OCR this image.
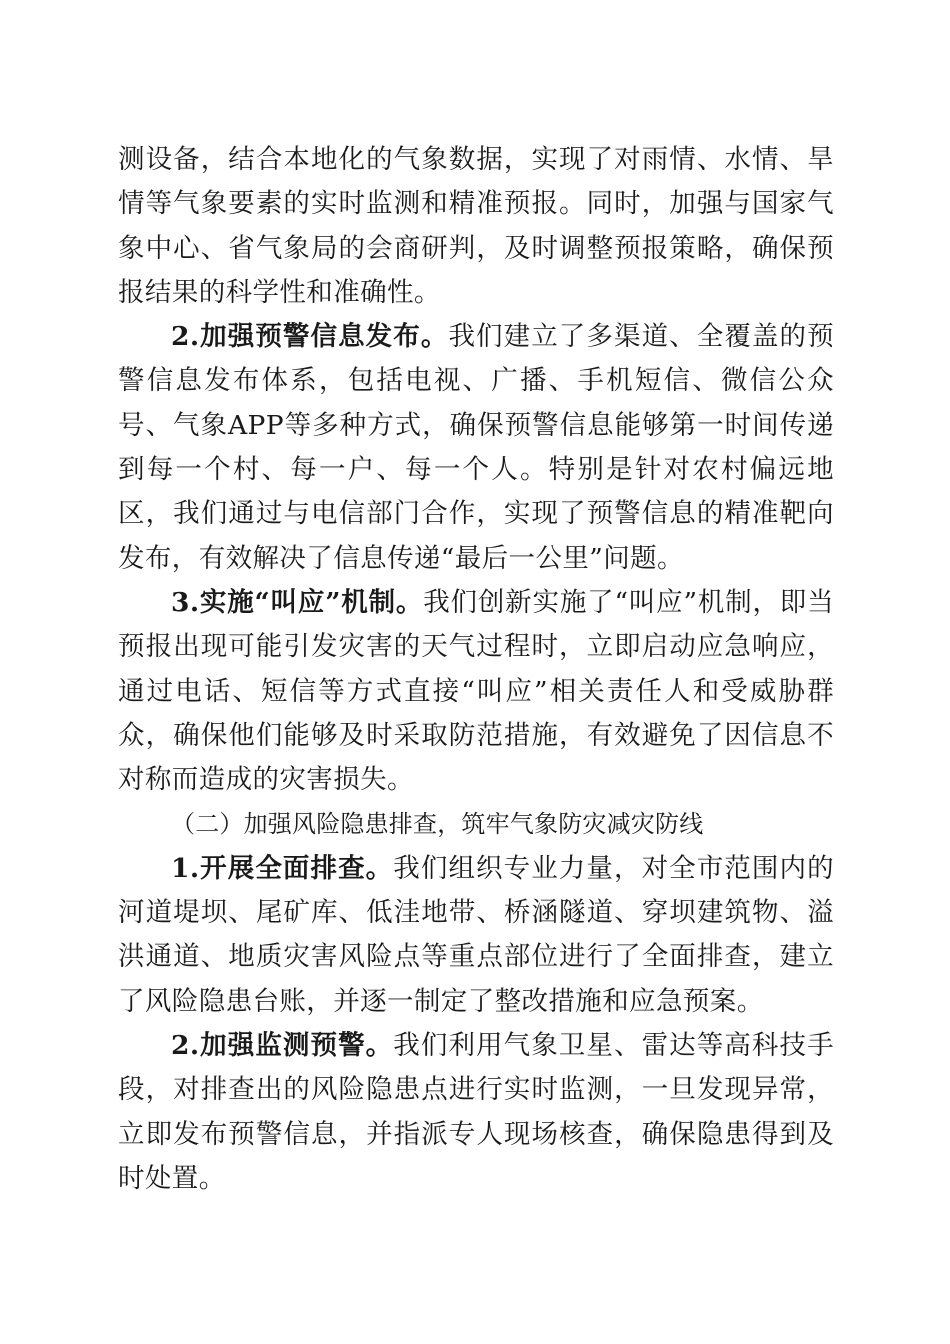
测设备，结合本地化的气象数据，实现了对雨情、水情、旱情等气象要素的实时监测和精准预报。同时，加强与国家气象中心、省气象局的会商研判，及时调整预报策略，确保预报结果的科学性和准确性。

2.加强预警信息发布。我们建立了多渠道、全覆盖的预警信息发布体系，包括电视、广播、手机短信、微信公众号、气象APP等多种方式，确保预警信息能够第一时间传递到每一个村、每一户、每一个人。特别是针对农村偏远地区，我们通过与电信部门合作，实现了预警信息的精准靶向发布，有效解决了信息传递“最后一公里”问题。

3.实施“叫应”机制。我们创新实施了“叫应”机制，即当预报出现可能引发灾害的天气过程时，立即启动应急响应，通过电话、短信等方式直接“叫应”相关责任人和受威胁群众，确保他们能够及时采取防范措施，有效避免了因信息不对称而造成的灾害损失。

（二）加强风险隐患排查，筑牢气象防灾减灾防线

1.开展全面排查。我们组织专业力量，对全市范围内的河道堤坝、尾矿库、低洼地带、桥涵隧道、穿坝建筑物、溢洪通道、地质灾害风险点等重点部位进行了全面排查，建立了风险隐患台账，并逐一制定了整改措施和应急预案。

2.加强监测预警。我们利用气象卫星、雷达等高科技手段，对排查出的风险隐患点进行实时监测，一旦发现异常，立即发布预警信息，并指派专人现场核查，确保隐患得到及时处置。
